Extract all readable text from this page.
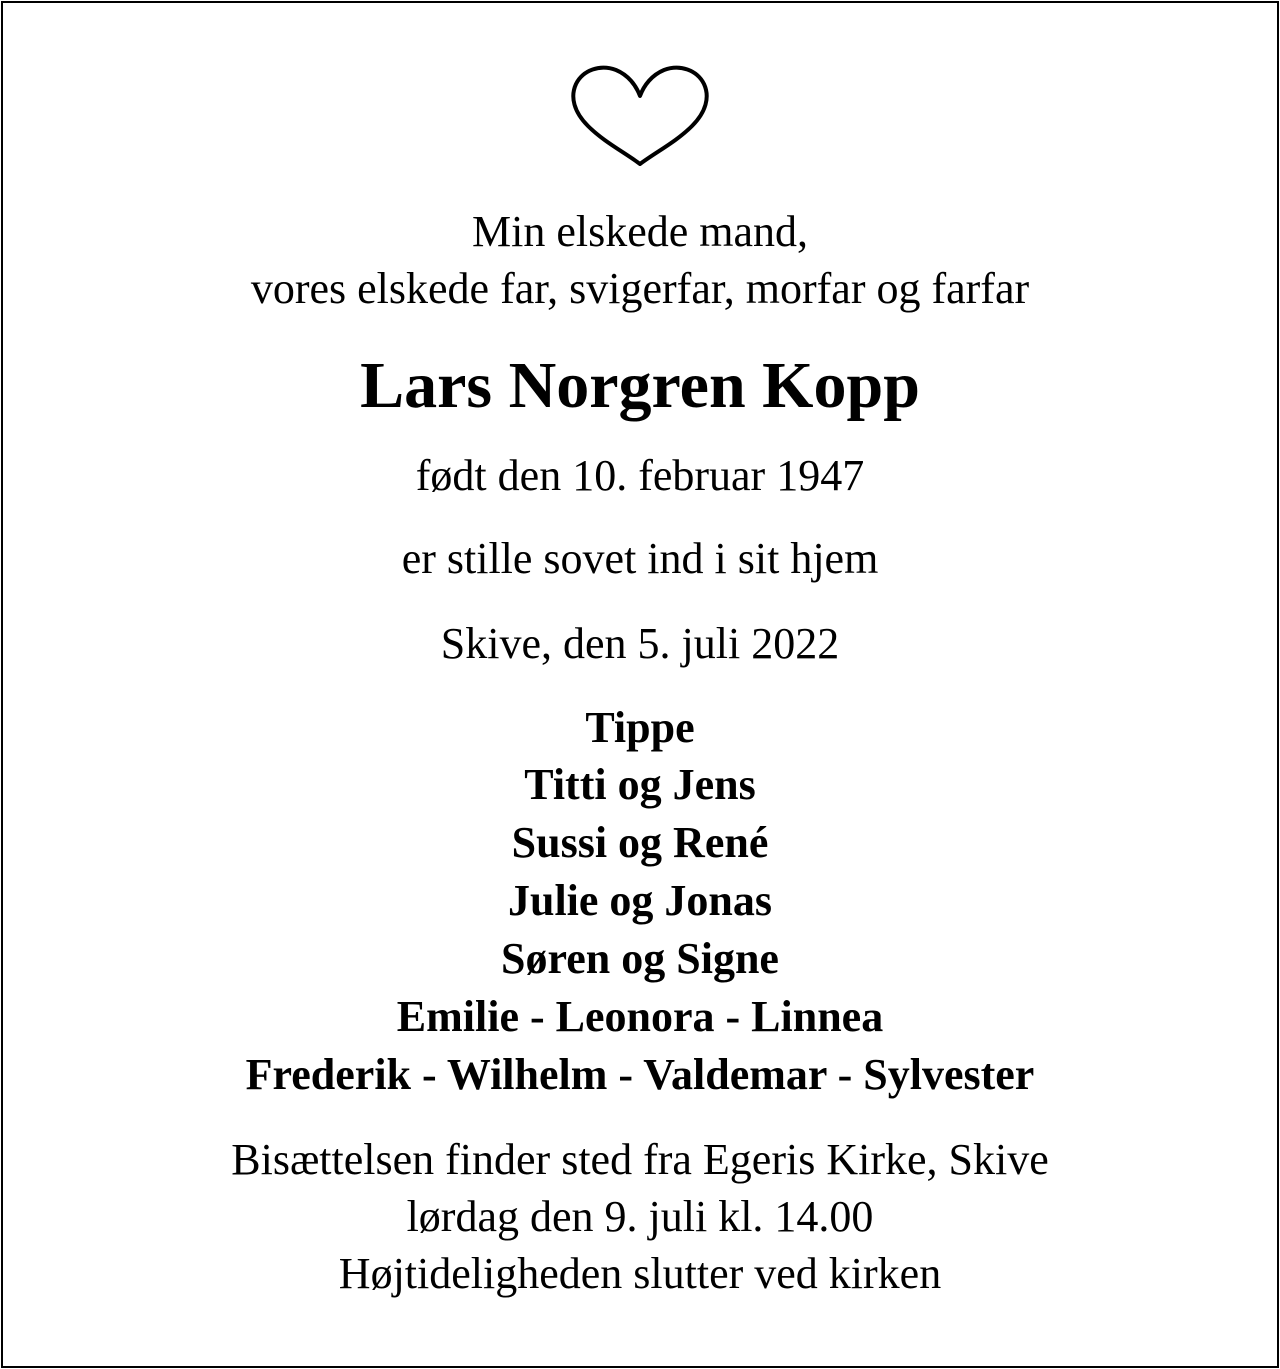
Min elskede mand,
vores elskede far, svigerfar, morfar og farfar
Lars Norgren Kopp
født den 10. februar 1947
er stille sovet ind i sit hjem
Skive, den 5. juli 2022
Tippe
Titti og Jens
Sussi og René
Julie og Jonas
Søren og Signe
Emilie - Leonora - Linnea
Frederik - Wilhelm - Valdemar - Sylvester
Bisættelsen finder sted fra Egeris Kirke, Skive
lørdag den 9. juli kl. 14.00
Højtideligheden slutter ved kirken
